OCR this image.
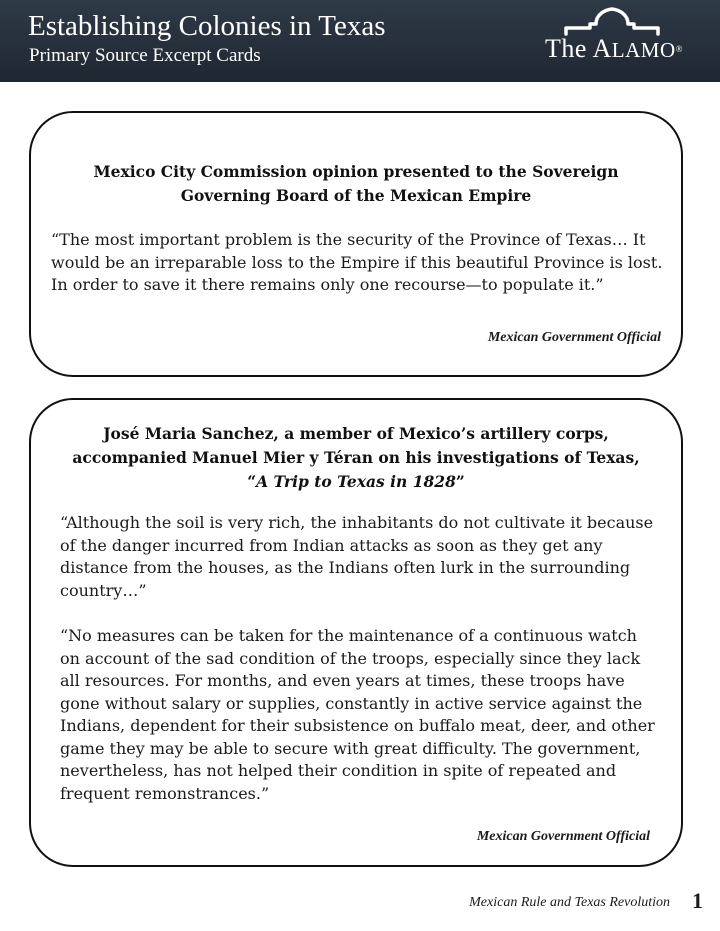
Establishing Colonies in Texas
Primary Source Excerpt Cards	The ALAMO®
Mexico City Commission opinion presented to the Sovereign Governing Board of the Mexican Empire
“The most important problem is the security of the Province of Texas… It would be an irreparable loss to the Empire if this beautiful Province is lost. In order to save it there remains only one recourse—to populate it.”
Mexican Government Official
José Maria Sanchez, a member of Mexico’s artillery corps,
accompanied Manuel Mier y Téran on his investigations of Texas,
“A Trip to Texas in 1828”
“Although the soil is very rich, the inhabitants do not cultivate it because of the danger incurred from Indian attacks as soon as they get any distance from the houses, as the Indians often lurk in the surrounding country…”
“No measures can be taken for the maintenance of a continuous watch on account of the sad condition of the troops, especially since they lack all resources. For months, and even years at times, these troops have gone without salary or supplies, constantly in active service against the Indians, dependent for their subsistence on buffalo meat, deer, and other game they may be able to secure with great difficulty. The government, nevertheless, has not helped their condition in spite of repeated and frequent remonstrances.”
Mexican Government Official
Mexican Rule and Texas Revolution 1
